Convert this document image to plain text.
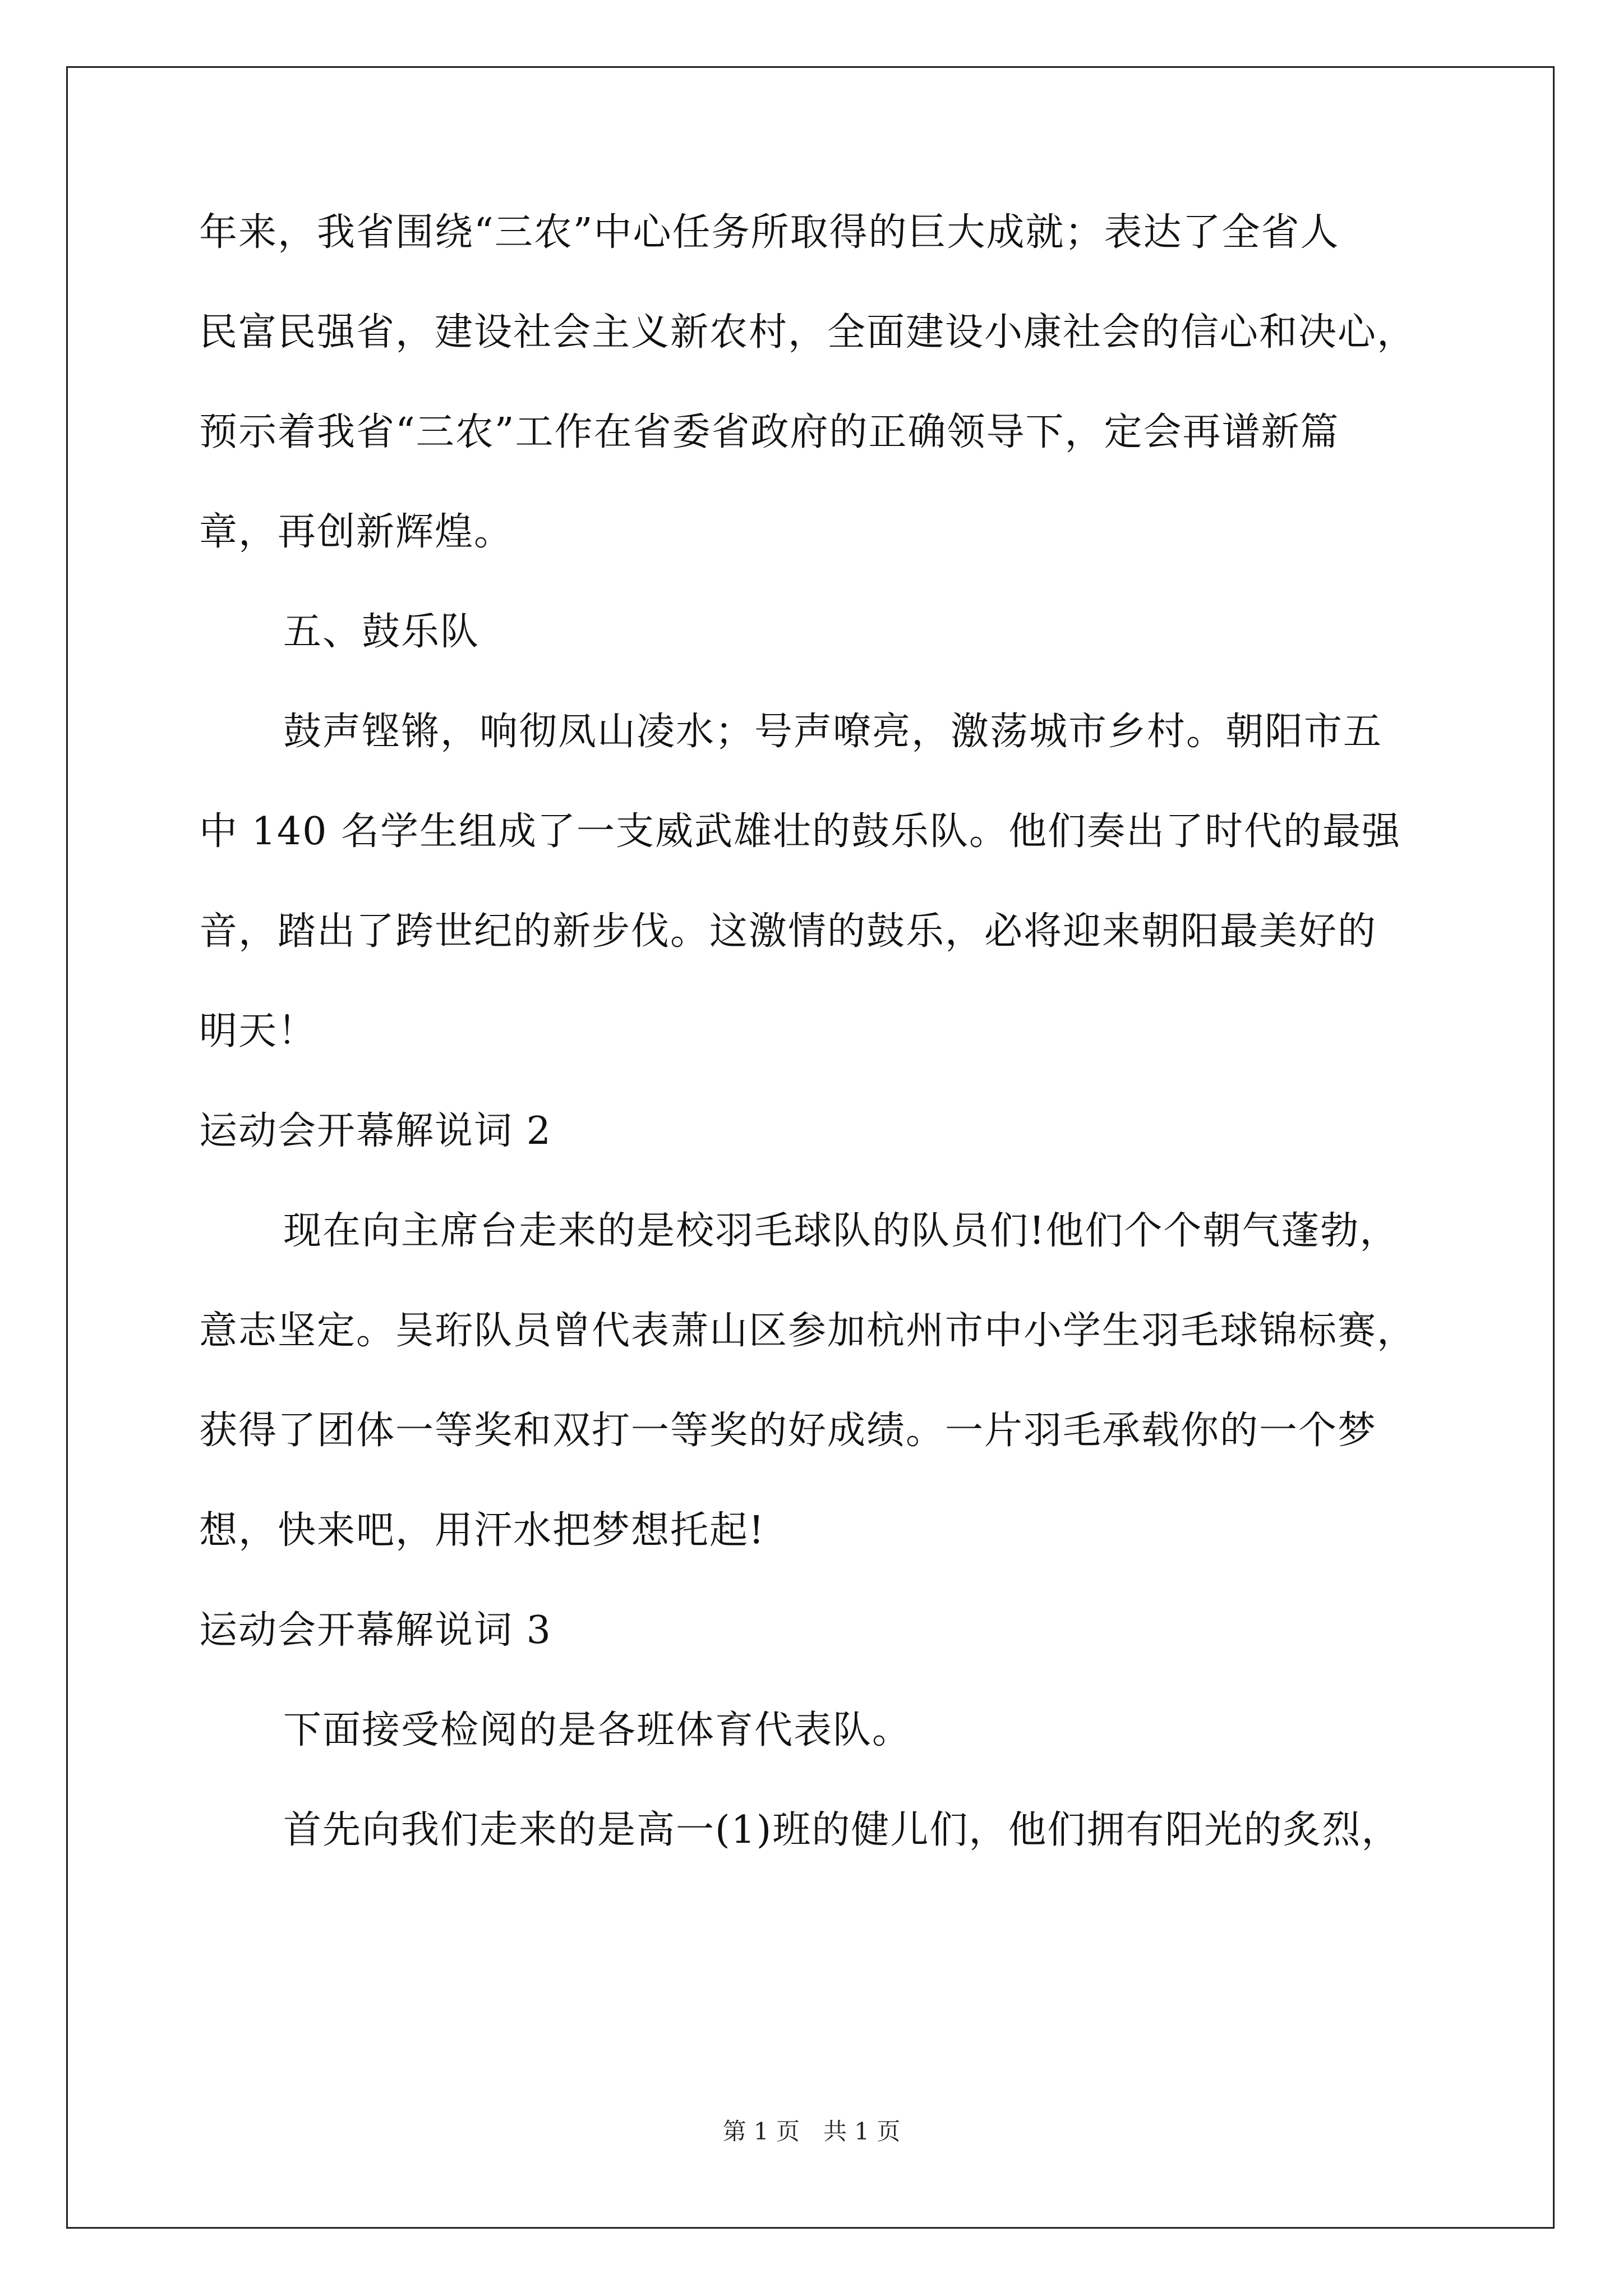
年来，我省围绕“三农”中心任务所取得的巨大成就；表达了全省人
民富民强省，建设社会主义新农村，全面建设小康社会的信心和决心，
预示着我省“三农”工作在省委省政府的正确领导下，定会再谱新篇
章，再创新辉煌。
五、鼓乐队
鼓声铿锵，响彻凤山凌水；号声嘹亮，激荡城市乡村。朝阳市五
中 140 名学生组成了一支威武雄壮的鼓乐队。他们奏出了时代的最强
音，踏出了跨世纪的新步伐。这激情的鼓乐，必将迎来朝阳最美好的
明天！
运动会开幕解说词 2
现在向主席台走来的是校羽毛球队的队员们!他们个个朝气蓬勃，
意志坚定。吴珩队员曾代表萧山区参加杭州市中小学生羽毛球锦标赛，
获得了团体一等奖和双打一等奖的好成绩。一片羽毛承载你的一个梦
想，快来吧，用汗水把梦想托起!
运动会开幕解说词 3
下面接受检阅的是各班体育代表队。
首先向我们走来的是高一(1)班的健儿们，他们拥有阳光的炙烈，
第 1 页　共 1 页
